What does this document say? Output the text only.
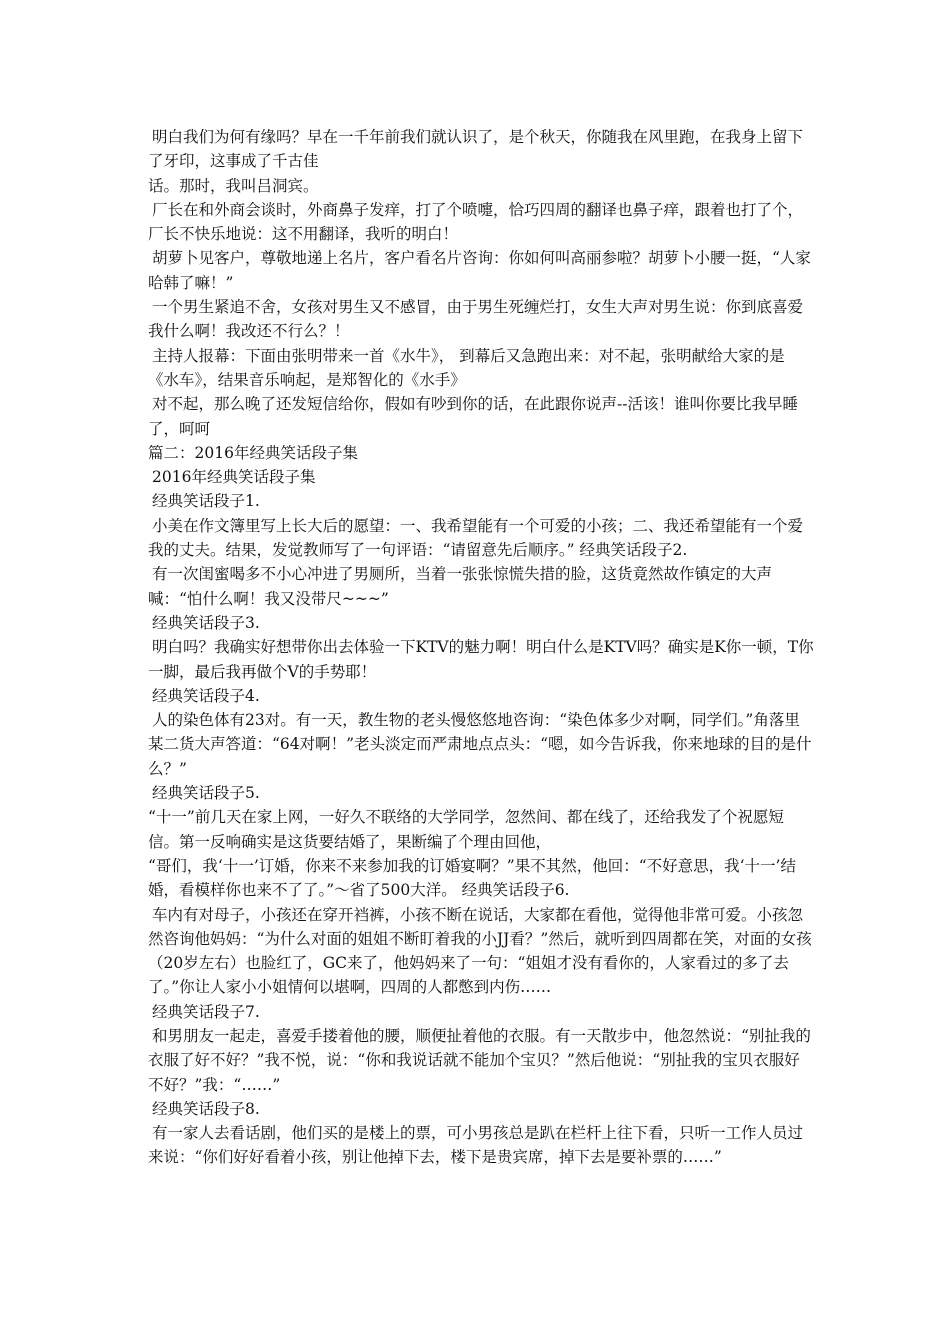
明白我们为何有缘吗？早在一千年前我们就认识了，是个秋天，你随我在风里跑，在我身上留下了牙印，这事成了千古佳

话。那时，我叫吕洞宾。

厂长在和外商会谈时，外商鼻子发痒，打了个喷嚏，恰巧四周的翻译也鼻子痒，跟着也打了个，厂长不快乐地说：这不用翻译，我听的明白！

胡萝卜见客户，尊敬地递上名片，客户看名片咨询：你如何叫高丽参啦？胡萝卜小腰一挺，“人家哈韩了嘛！”

一个男生紧追不舍，女孩对男生又不感冒，由于男生死缠烂打，女生大声对男生说：你到底喜爱我什么啊！我改还不行么？！

主持人报幕：下面由张明带来一首《水牛》， 到幕后又急跑出来：对不起，张明献给大家的是《水车》，结果音乐响起，是郑智化的《水手》

对不起，那么晚了还发短信给你，假如有吵到你的话，在此跟你说声--活该！谁叫你要比我早睡了，呵呵

篇二：2016年经典笑话段子集

2016年经典笑话段子集

经典笑话段子1.

小美在作文簿里写上长大后的愿望：一、我希望能有一个可爱的小孩；二、我还希望能有一个爱我的丈夫。结果，发觉教师写了一句评语：“请留意先后顺序。” 经典笑话段子2.

有一次闺蜜喝多不小心冲进了男厕所，当着一张张惊慌失措的脸，这货竟然故作镇定的大声喊：“怕什么啊！我又没带尺~~~”

经典笑话段子3.

明白吗？我确实好想带你出去体验一下KTV的魅力啊！明白什么是KTV吗？确实是K你一顿，T你一脚，最后我再做个V的手势耶！

经典笑话段子4.

人的染色体有23对。有一天，教生物的老头慢悠悠地咨询：“染色体多少对啊，同学们。”角落里某二货大声答道：“64对啊！”老头淡定而严肃地点点头：“嗯，如今告诉我，你来地球的目的是什么？”

经典笑话段子5.

“十一”前几天在家上网，一好久不联络的大学同学，忽然间、都在线了，还给我发了个祝愿短信。第一反响确实是这货要结婚了，果断编了个理由回他，

“哥们，我‘十一’订婚，你来不来参加我的订婚宴啊？”果不其然，他回：“不好意思，我‘十一’结婚，看模样你也来不了了。”～省了500大洋。 经典笑话段子6.

车内有对母子，小孩还在穿开裆裤，小孩不断在说话，大家都在看他，觉得他非常可爱。小孩忽然咨询他妈妈：“为什么对面的姐姐不断盯着我的小JJ看？”然后，就听到四周都在笑，对面的女孩（20岁左右）也脸红了，GC来了，他妈妈来了一句：“姐姐才没有看你的，人家看过的多了去了。”你让人家小小姐情何以堪啊，四周的人都憋到内伤……

经典笑话段子7.

和男朋友一起走，喜爱手搂着他的腰，顺便扯着他的衣服。有一天散步中，他忽然说：“别扯我的衣服了好不好？”我不悦，说：“你和我说话就不能加个宝贝？”然后他说：“别扯我的宝贝衣服好不好？”我：“……”

经典笑话段子8.

有一家人去看话剧，他们买的是楼上的票，可小男孩总是趴在栏杆上往下看，只听一工作人员过来说：“你们好好看着小孩，别让他掉下去，楼下是贵宾席，掉下去是要补票的……”
